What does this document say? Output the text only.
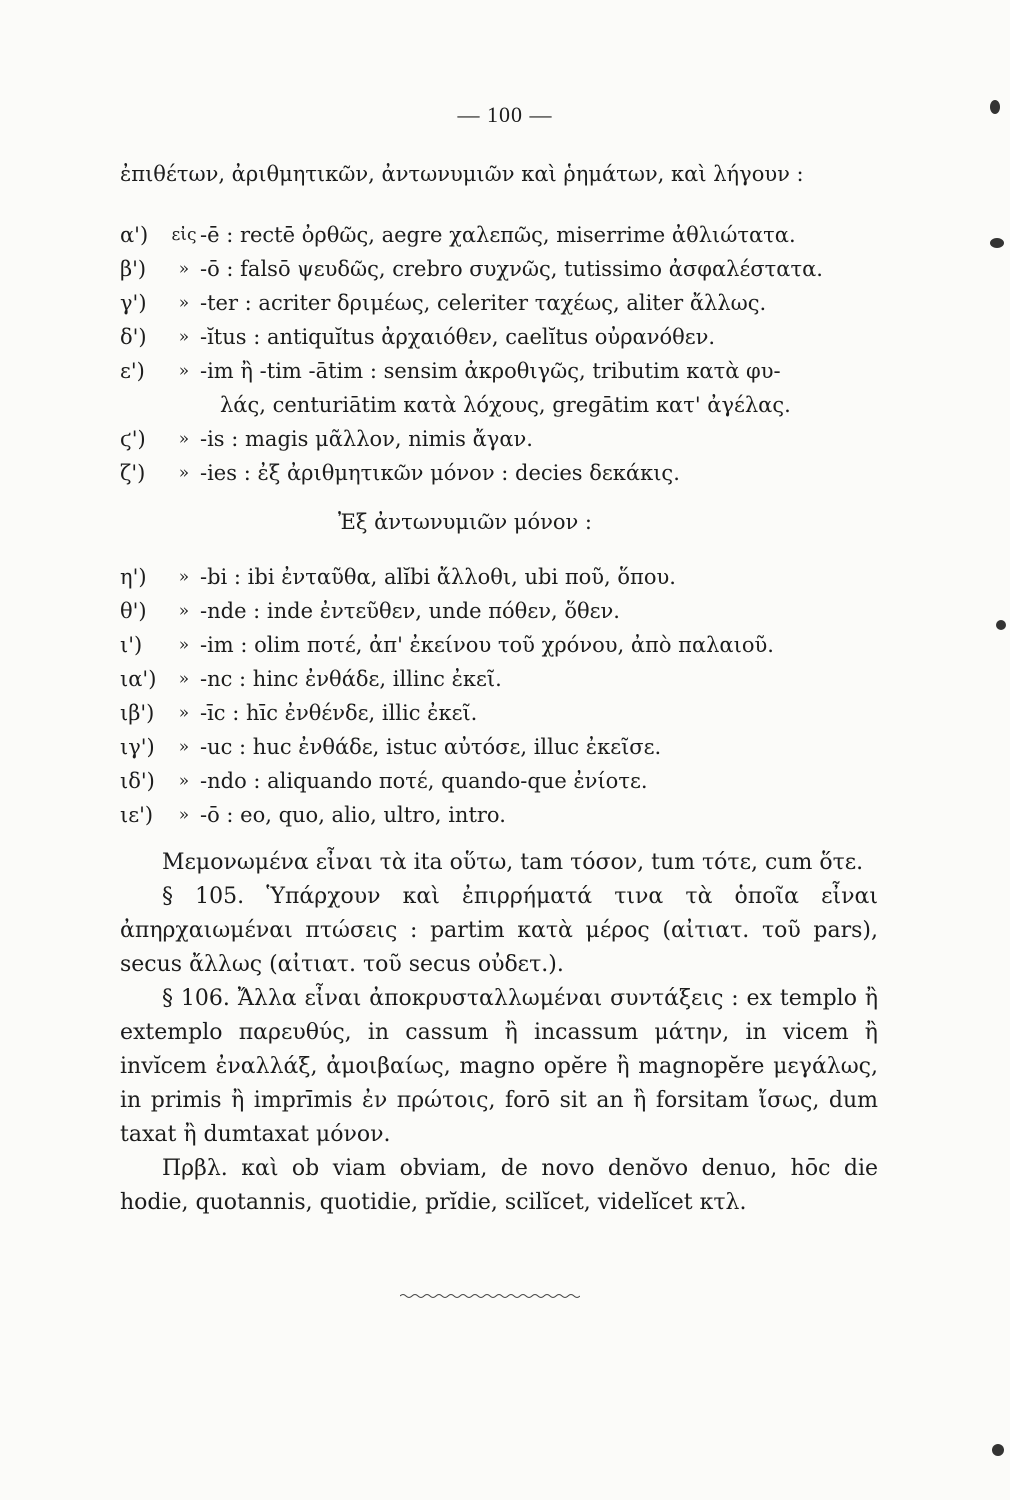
— 100 —
ἐπιθέτων, ἀριθμητικῶν, ἀντωνυμιῶν καὶ ῥημάτων, καὶ λήγουν :
α')	εἰς -ē : rectē ὀρθῶς, aegre χαλεπῶς, miserrime ἀθλιώτατα.
β')	» -ō : falsō ψευδῶς, crebro συχνῶς, tutissimo ἀσφαλέστατα.
γ')	» -ter : acriter δριμέως, celeriter ταχέως, aliter ἄλλως.
δ')	» -ĭtus : antiquĭtus ἀρχαιόθεν, caelĭtus οὐρανόθεν.
ε')	» -im ἢ -tim -ātim : sensim ἀκροθιγῶς, tributim κατὰ φυ-
λάς, centuriātim κατὰ λόχους, gregātim κατ' ἀγέλας.
ϛ')	» -is : magis μᾶλλον, nimis ἄγαν.
ζ')	» -ies : ἐξ ἀριθμητικῶν μόνον : decies δεκάκις.
Ἐξ ἀντωνυμιῶν μόνον :
η')	» -bi : ibi ἐνταῦθα, alĭbi ἄλλοθι, ubi ποῦ, ὅπου.
θ')	» -nde : inde ἐντεῦθεν, unde πόθεν, ὅθεν.
ι')	» -im : olim ποτέ, ἀπ' ἐκείνου τοῦ χρόνου, ἀπὸ παλαιοῦ.
ια')	» -nc : hinc ἐνθάδε, illinc ἐκεῖ.
ιβ')	» -īc : hīc ἐνθένδε, illic ἐκεῖ.
ιγ')	» -uc : huc ἐνθάδε, istuc αὐτόσε, illuc ἐκεῖσε.
ιδ')	» -ndo : aliquando ποτέ, quando-que ἐνίοτε.
ιε')	» -ō : eo, quo, alio, ultro, intro.

Μεμονωμένα εἶναι τὰ ita οὕτω, tam τόσον, tum τότε, cum ὅτε.

§ 105. Ὑπάρχουν καὶ ἐπιρρήματά τινα τὰ ὁποῖα εἶναι ἀπηρχαιωμέναι πτώσεις : partim κατὰ μέρος (αἰτιατ. τοῦ pars), secus ἄλλως (αἰτιατ. τοῦ secus οὐδετ.).

§ 106. Ἄλλα εἶναι ἀποκρυσταλλωμέναι συντάξεις : ex templo ἢ extemplo παρευθύς, in cassum ἢ incassum μάτην, in vicem ἢ invĭcem ἐναλλάξ, ἀμοιβαίως, magno opĕre ἢ magnopĕre μεγάλως, in primis ἢ imprīmis ἐν πρώτοις, forō sit an ἢ forsitam ἴσως, dum taxat ἢ dumtaxat μόνον.

Πρβλ. καὶ ob viam obviam, de novo denŏvo denuo, hōc die hodie, quotannis, quotidie, prĭdie, scilĭcet, videlĭcet κτλ.
